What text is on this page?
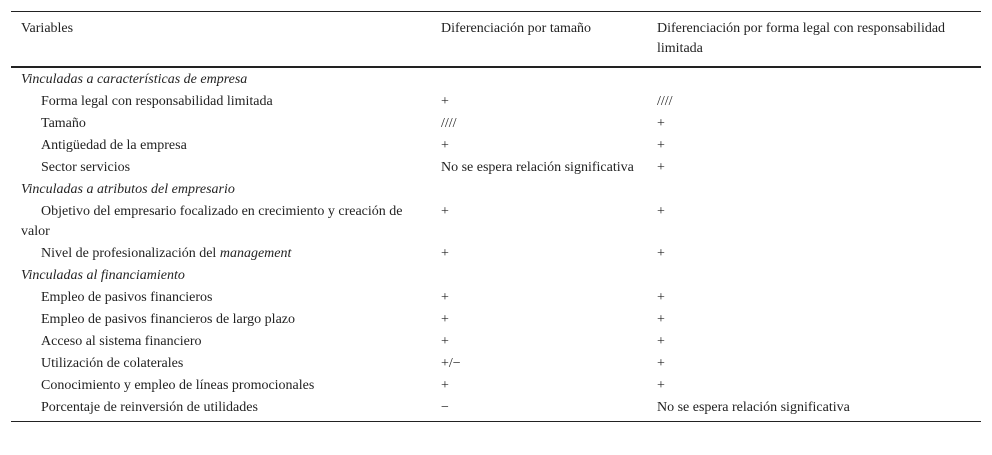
Variables	Diferenciación por tamaño	Diferenciación por forma legal con responsabilidad limitada
Vinculadas a características de empresa		
Forma legal con responsabilidad limitada	+	////
Tamaño	////	+
Antigüedad de la empresa	+	+
Sector servicios	No se espera relación significativa	+
Vinculadas a atributos del empresario		
Objetivo del empresario focalizado en crecimiento y creación de valor	+	+
Nivel de profesionalización del management	+	+
Vinculadas al financiamiento		
Empleo de pasivos financieros	+	+
Empleo de pasivos financieros de largo plazo	+	+
Acceso al sistema financiero	+	+
Utilización de colaterales	+/−	+
Conocimiento y empleo de líneas promocionales	+	+
Porcentaje de reinversión de utilidades	−	No se espera relación significativa
